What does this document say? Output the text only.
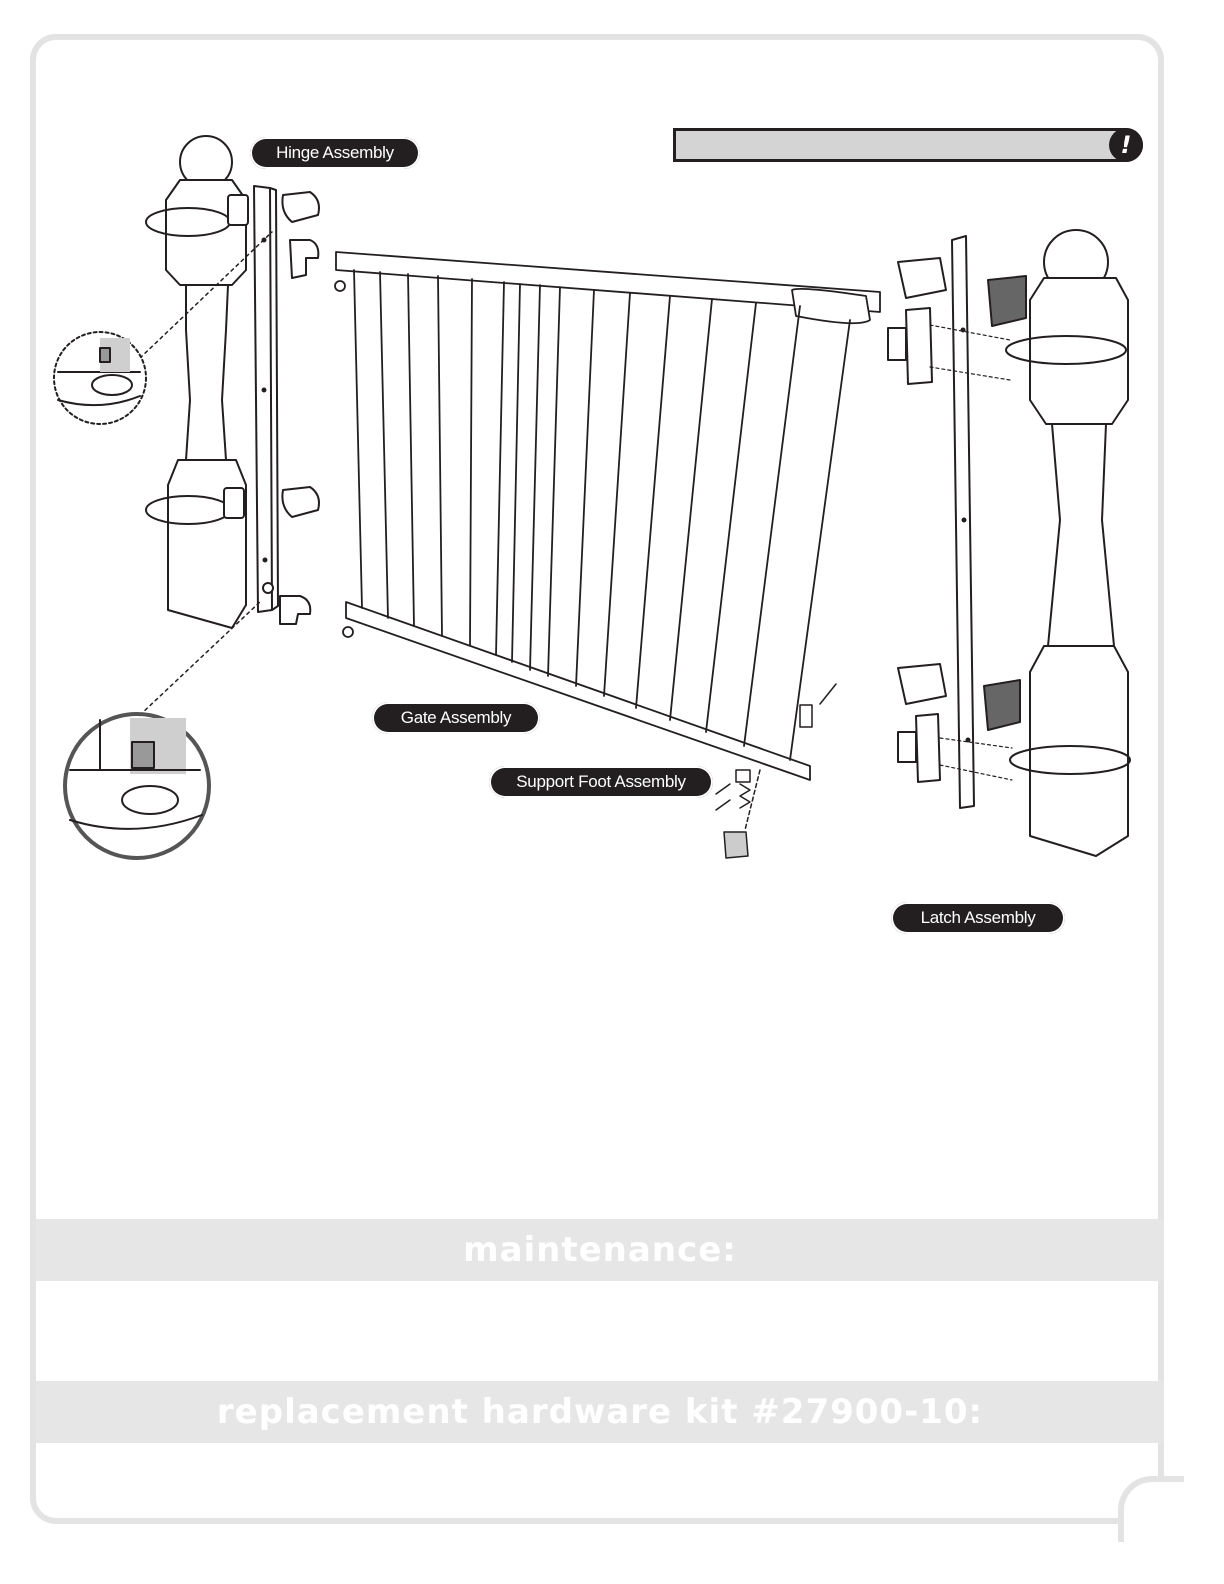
Hinge Assembly
Gate Assembly
Support Foot Assembly
Latch Assembly
!
maintenance:
replacement hardware kit #27900-10:
